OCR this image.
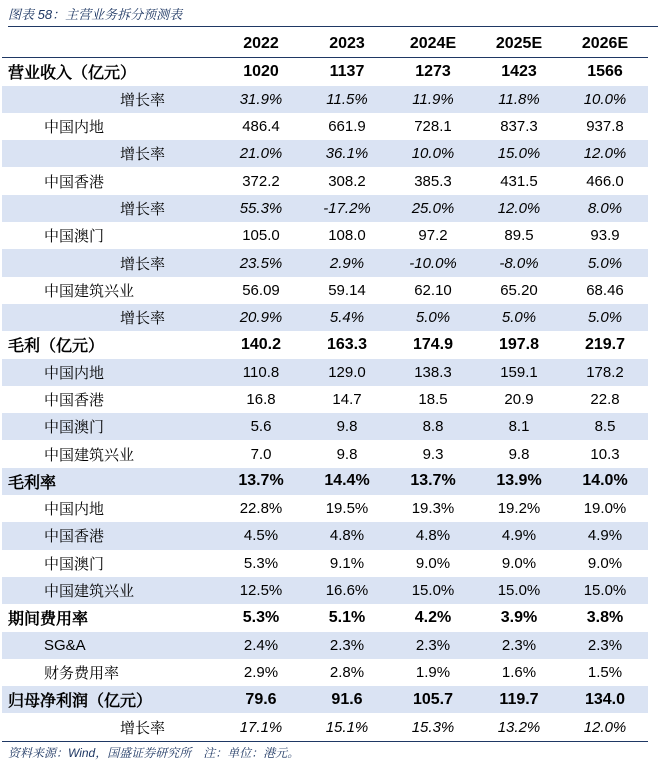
图表 58：主营业务拆分预测表
	2022	2023	2024E	2025E	2026E
营业收入（亿元）	1020	1137	1273	1423	1566
增长率	31.9%	11.5%	11.9%	11.8%	10.0%
中国内地	486.4	661.9	728.1	837.3	937.8
增长率	21.0%	36.1%	10.0%	15.0%	12.0%
中国香港	372.2	308.2	385.3	431.5	466.0
增长率	55.3%	-17.2%	25.0%	12.0%	8.0%
中国澳门	105.0	108.0	97.2	89.5	93.9
增长率	23.5%	2.9%	-10.0%	-8.0%	5.0%
中国建筑兴业	56.09	59.14	62.10	65.20	68.46
增长率	20.9%	5.4%	5.0%	5.0%	5.0%
毛利（亿元）	140.2	163.3	174.9	197.8	219.7
中国内地	110.8	129.0	138.3	159.1	178.2
中国香港	16.8	14.7	18.5	20.9	22.8
中国澳门	5.6	9.8	8.8	8.1	8.5
中国建筑兴业	7.0	9.8	9.3	9.8	10.3
毛利率	13.7%	14.4%	13.7%	13.9%	14.0%
中国内地	22.8%	19.5%	19.3%	19.2%	19.0%
中国香港	4.5%	4.8%	4.8%	4.9%	4.9%
中国澳门	5.3%	9.1%	9.0%	9.0%	9.0%
中国建筑兴业	12.5%	16.6%	15.0%	15.0%	15.0%
期间费用率	5.3%	5.1%	4.2%	3.9%	3.8%
SG&A	2.4%	2.3%	2.3%	2.3%	2.3%
财务费用率	2.9%	2.8%	1.9%	1.6%	1.5%
归母净利润（亿元）	79.6	91.6	105.7	119.7	134.0
增长率	17.1%	15.1%	15.3%	13.2%	12.0%
资料来源：Wind，国盛证券研究所　注：单位：港元。
